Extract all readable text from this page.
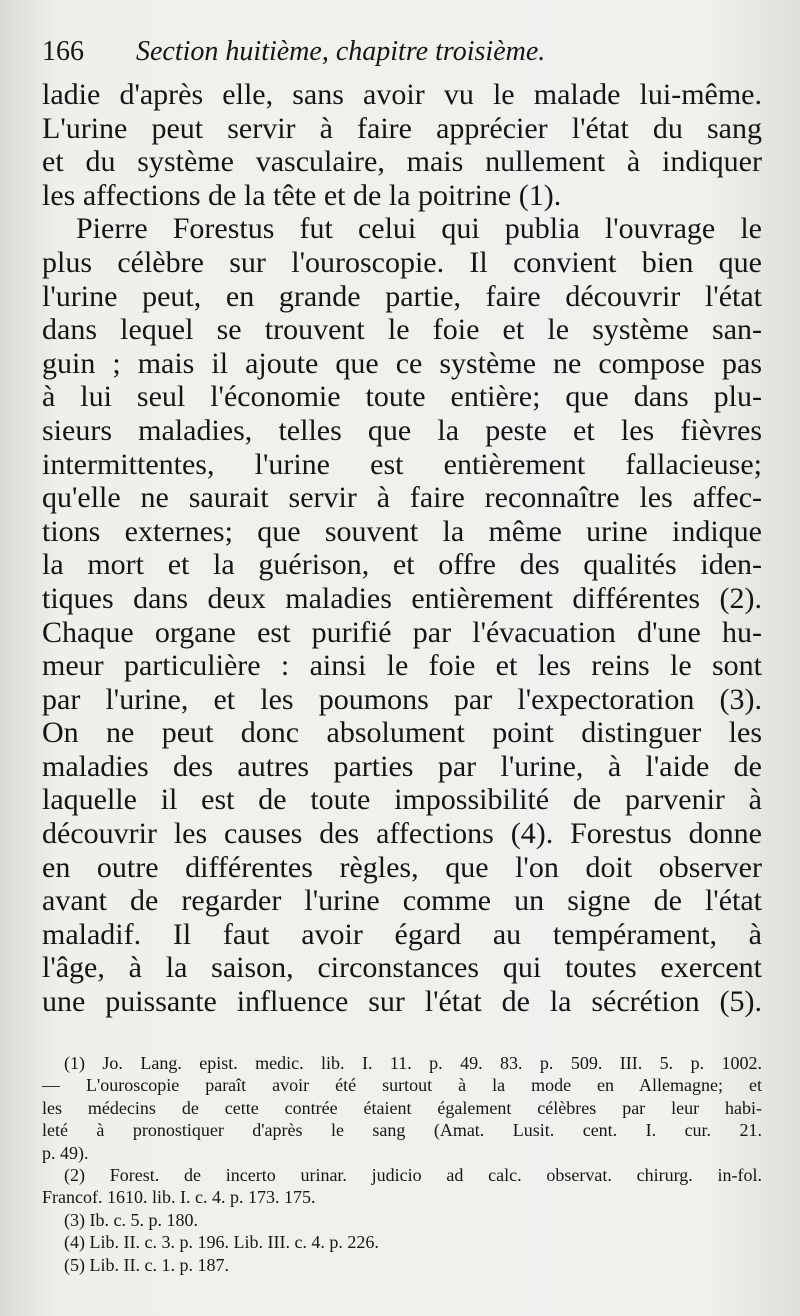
166	Section huitième, chapitre troisième.
ladie d'après elle, sans avoir vu le malade lui-même.
L'urine peut servir à faire apprécier l'état du sang
et du système vasculaire, mais nullement à indiquer
les affections de la tête et de la poitrine (1).
Pierre Forestus fut celui qui publia l'ouvrage le
plus célèbre sur l'ouroscopie. Il convient bien que
l'urine peut, en grande partie, faire découvrir l'état
dans lequel se trouvent le foie et le système san-
guin ; mais il ajoute que ce système ne compose pas
à lui seul l'économie toute entière; que dans plu-
sieurs maladies, telles que la peste et les fièvres
intermittentes, l'urine est entièrement fallacieuse;
qu'elle ne saurait servir à faire reconnaître les affec-
tions externes; que souvent la même urine indique
la mort et la guérison, et offre des qualités iden-
tiques dans deux maladies entièrement différentes (2).
Chaque organe est purifié par l'évacuation d'une hu-
meur particulière : ainsi le foie et les reins le sont
par l'urine, et les poumons par l'expectoration (3).
On ne peut donc absolument point distinguer les
maladies des autres parties par l'urine, à l'aide de
laquelle il est de toute impossibilité de parvenir à
découvrir les causes des affections (4). Forestus donne
en outre différentes règles, que l'on doit observer
avant de regarder l'urine comme un signe de l'état
maladif. Il faut avoir égard au tempérament, à
l'âge, à la saison, circonstances qui toutes exercent
une puissante influence sur l'état de la sécrétion (5).
(1) Jo. Lang. epist. medic. lib. I. 11. p. 49. 83. p. 509. III. 5. p. 1002.
— L'ouroscopie paraît avoir été surtout à la mode en Allemagne; et
les médecins de cette contrée étaient également célèbres par leur habi-
leté à pronostiquer d'après le sang (Amat. Lusit. cent. I. cur. 21.
p. 49).
(2) Forest. de incerto urinar. judicio ad calc. observat. chirurg. in-fol.
Francof. 1610. lib. I. c. 4. p. 173. 175.
(3) Ib. c. 5. p. 180.
(4) Lib. II. c. 3. p. 196. Lib. III. c. 4. p. 226.
(5) Lib. II. c. 1. p. 187.
